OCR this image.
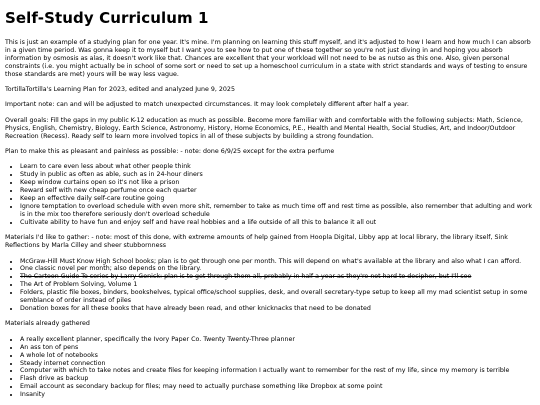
Self-Study Curriculum 1

This is just an example of a studying plan for one year. It's mine. I'm planning on learning this stuff myself, and it's adjusted to how I learn and how much I can absorb in a given time period. Was gonna keep it to myself but I want you to see how to put one of these together so you're not just diving in and hoping you absorb information by osmosis as alas, it doesn't work like that. Chances are excellent that your workload will not need to be as nutso as this one. Also, given personal constraints (i.e. you might actually be in school of some sort or need to set up a homeschool curriculum in a state with strict standards and ways of testing to ensure those standards are met) yours will be way less vague.

TortillaTortilla's Learning Plan for 2023, edited and analyzed June 9, 2025

Important note: can and will be adjusted to match unexpected circumstances. It may look completely different after half a year.

Overall goals: Fill the gaps in my public K-12 education as much as possible. Become more familiar with and comfortable with the following subjects: Math, Science, Physics, English, Chemistry, Biology, Earth Science, Astronomy, History, Home Economics, P.E., Health and Mental Health, Social Studies, Art, and Indoor/Outdoor Recreation (Recess). Ready self to learn more involved topics in all of these subjects by building a strong foundation.

Plan to make this as pleasant and painless as possible: - note: done 6/9/25 except for the extra perfume

• Learn to care even less about what other people think
• Study in public as often as able, such as in 24-hour diners
• Keep window curtains open so it's not like a prison
• Reward self with new cheap perfume once each quarter
• Keep an effective daily self-care routine going
• Ignore temptation to overload schedule with even more shit, remember to take as much time off and rest time as possible, also remember that adulting and work is in the mix too therefore seriously don't overload schedule
• Cultivate ability to have fun and enjoy self and have real hobbies and a life outside of all this to balance it all out

Materials I'd like to gather: - note: most of this done, with extreme amounts of help gained from Hoopla Digital, Libby app at local library, the library itself, Sink Reflections by Marla Cilley and sheer stubbornness

• McGraw-Hill Must Know High School books; plan is to get through one per month. This will depend on what's available at the library and also what I can afford.
• One classic novel per month; also depends on the library.
• The Cartoon Guide To series by Larry Gonick: plan is to get through them all, probably in half a year as they're not hard to decipher, but I'll see
• The Art of Problem Solving, Volume 1
• Folders, plastic file boxes, binders, bookshelves, typical office/school supplies, desk, and overall secretary-type setup to keep all my mad scientist setup in some semblance of order instead of piles
• Donation boxes for all these books that have already been read, and other knicknacks that need to be donated

Materials already gathered

• A really excellent planner, specifically the Ivory Paper Co. Twenty Twenty-Three planner
• An ass ton of pens
• A whole lot of notebooks
• Steady internet connection
• Computer with which to take notes and create files for keeping information I actually want to remember for the rest of my life, since my memory is terrible
• Flash drive as backup
• Email account as secondary backup for files; may need to actually purchase something like Dropbox at some point
• Insanity
